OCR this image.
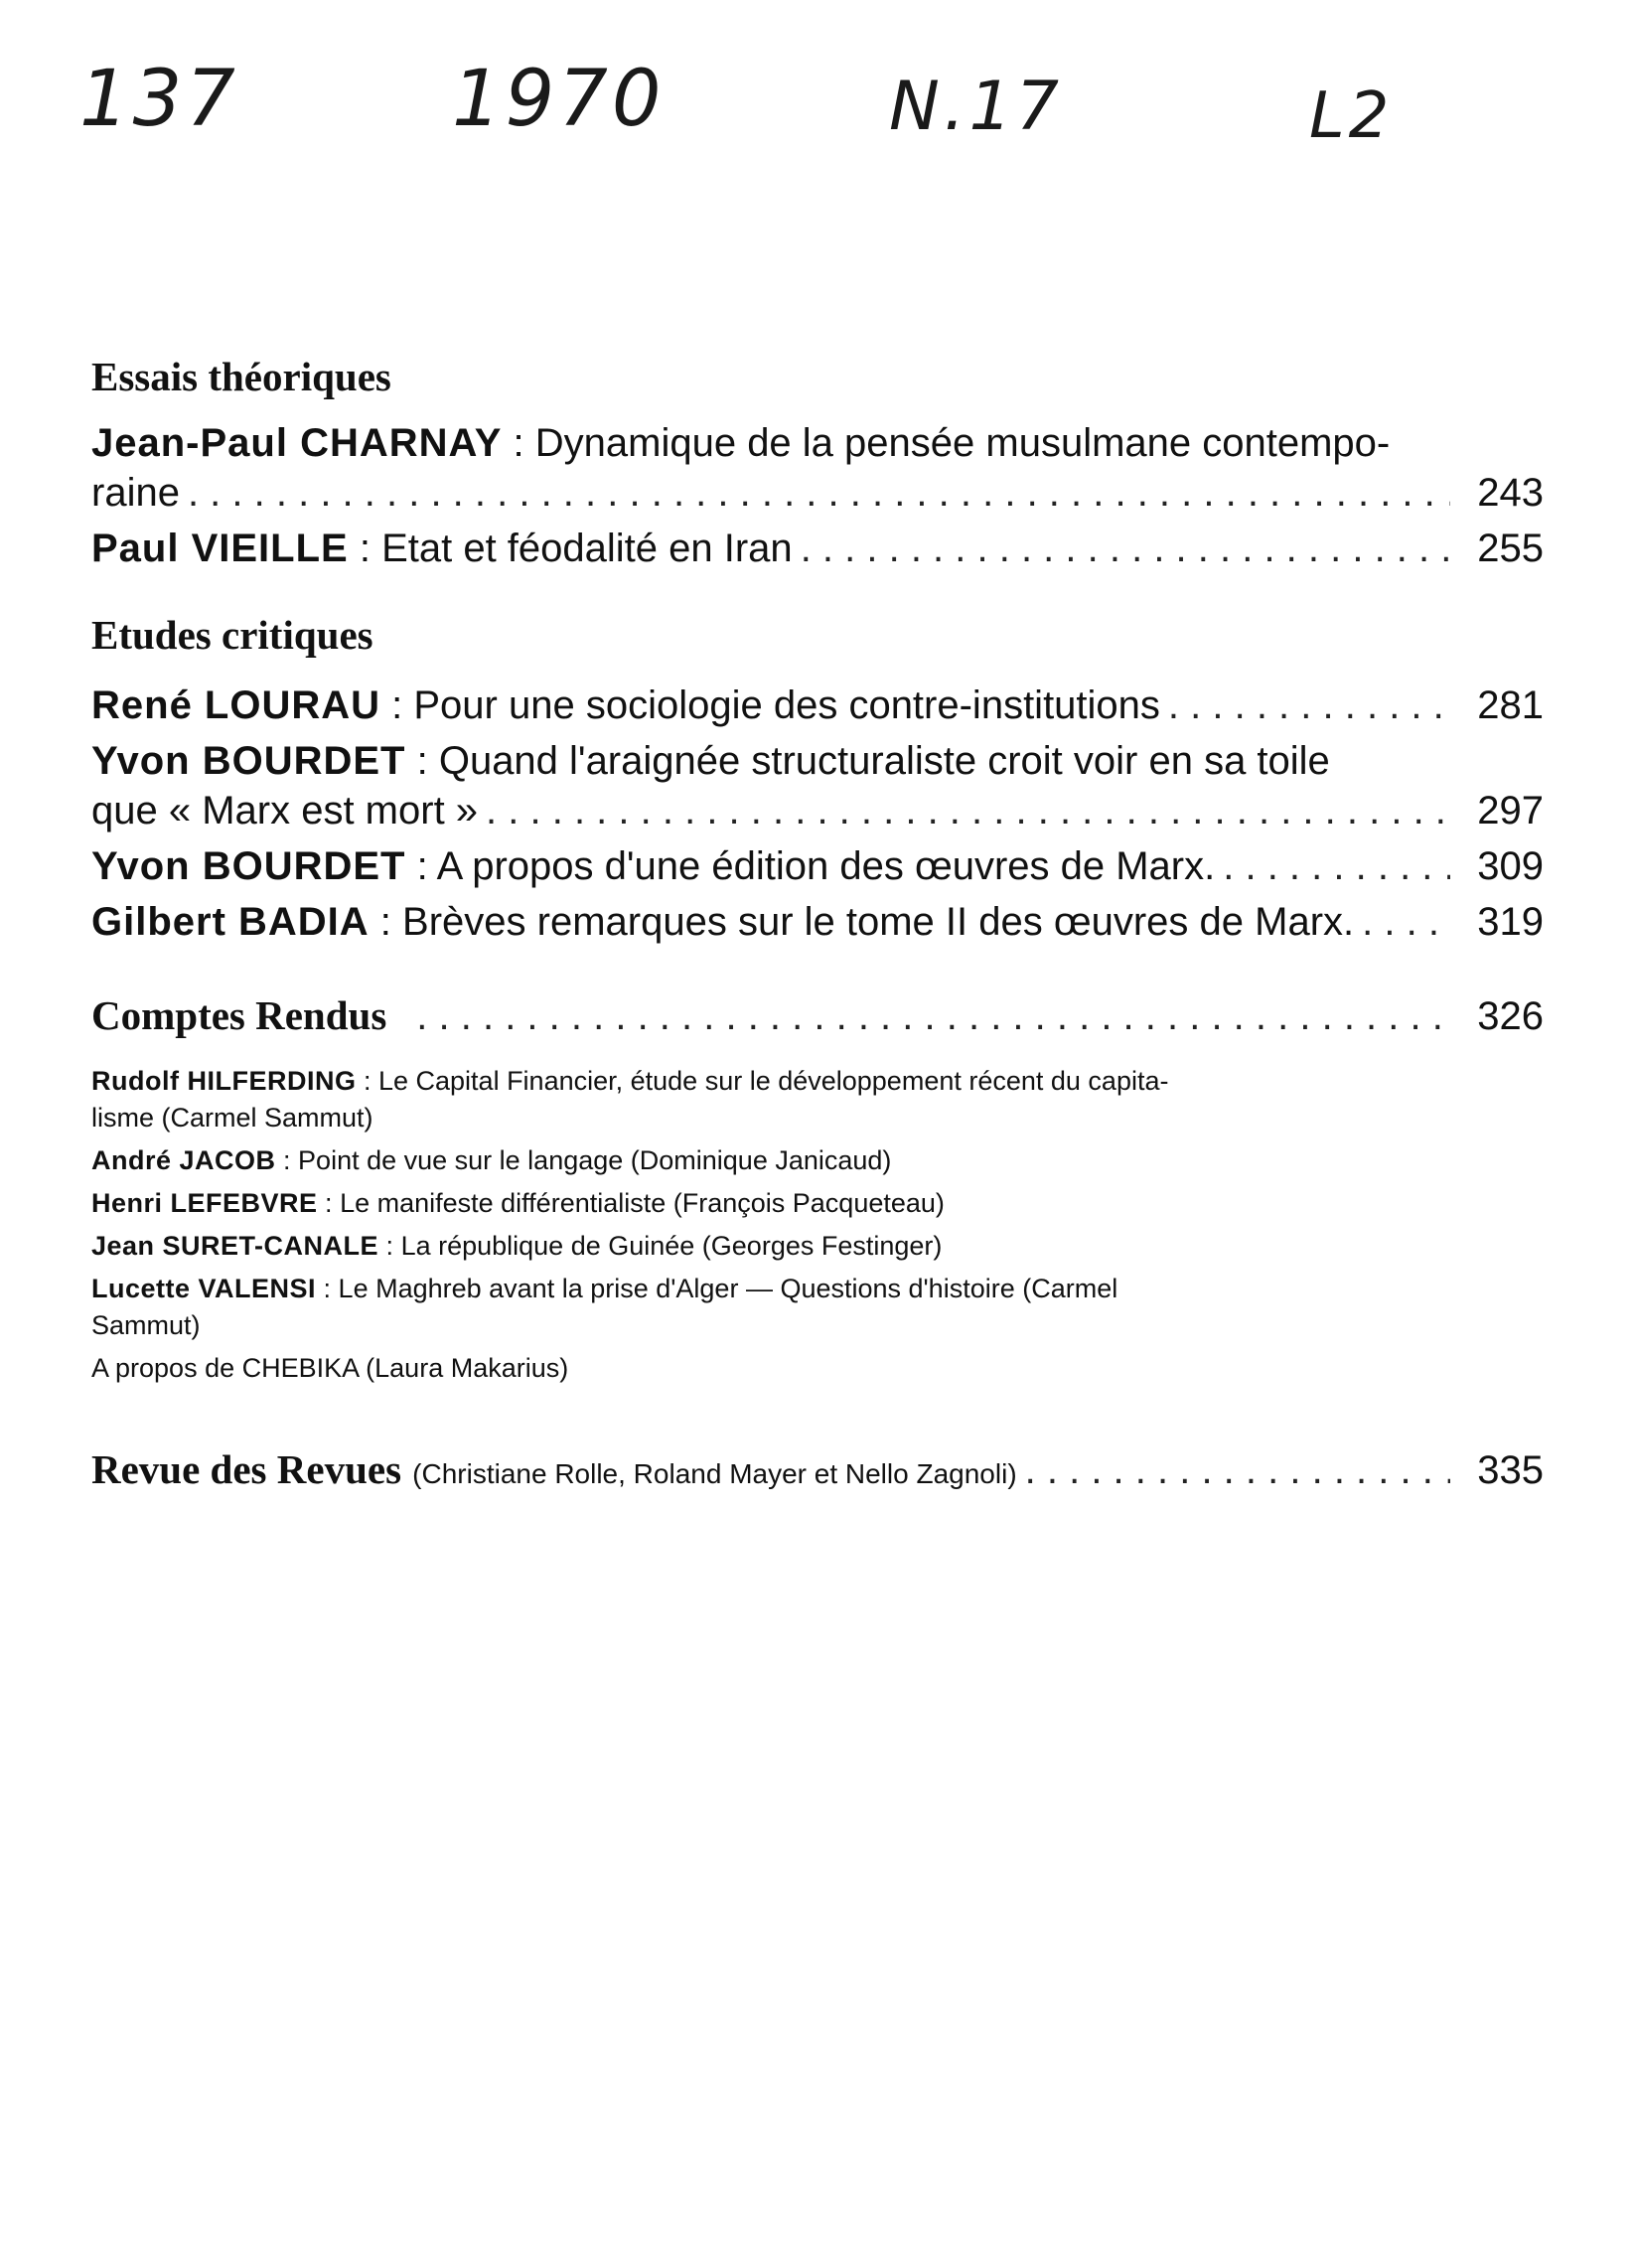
137	1970	N.17	L2
Essais théoriques
Jean-Paul CHARNAY : Dynamique de la pensée musulmane contempo-
raine . . .	243
Paul VIEILLE : Etat et féodalité en Iran . . .	255
Etudes critiques
René LOURAU : Pour une sociologie des contre-institutions . . .	281
Yvon BOURDET : Quand l'araignée structuraliste croit voir en sa toile
que « Marx est mort » . . .	297
Yvon BOURDET : A propos d'une édition des œuvres de Marx. . . .	309
Gilbert BADIA : Brèves remarques sur le tome II des œuvres de Marx. . . .	319
Comptes Rendus . . .	326
Rudolf HILFERDING : Le Capital Financier, étude sur le développement récent du capita-
lisme (Carmel Sammut)
André JACOB : Point de vue sur le langage (Dominique Janicaud)
Henri LEFEBVRE : Le manifeste différentialiste (François Pacqueteau)
Jean SURET-CANALE : La république de Guinée (Georges Festinger)
Lucette VALENSI : Le Maghreb avant la prise d'Alger — Questions d'histoire (Carmel
Sammut)
A propos de CHEBIKA (Laura Makarius)
Revue des Revues (Christiane Rolle, Roland Mayer et Nello Zagnoli) . . .	335
